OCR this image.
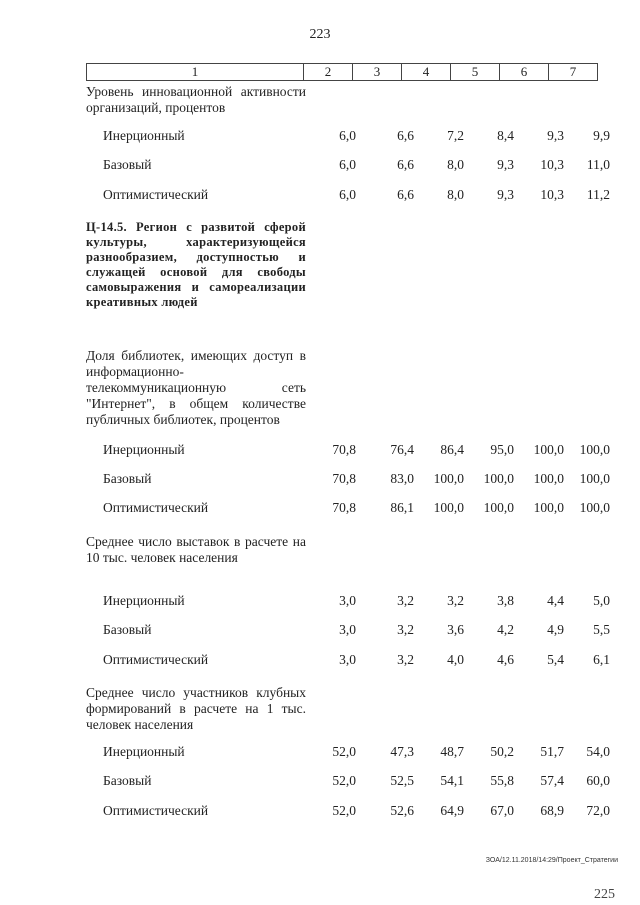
223
1	2	3	4	5	6	7
Уровень инновационной активности организаций, процентов
Инерционный	6,0	6,6	7,2	8,4	9,3	9,9
Базовый	6,0	6,6	8,0	9,3	10,3	11,0
Оптимистический	6,0	6,6	8,0	9,3	10,3	11,2
Ц-14.5. Регион с развитой сферой культуры, характеризующейся разнообразием, доступностью и служащей основой для свободы самовыражения и самореализации креативных людей
Доля библиотек, имеющих доступ в информационно-телекоммуникационную сеть "Интернет", в общем количестве публичных библиотек, процентов
Инерционный	70,8	76,4	86,4	95,0	100,0	100,0
Базовый	70,8	83,0	100,0	100,0	100,0	100,0
Оптимистический	70,8	86,1	100,0	100,0	100,0	100,0
Среднее число выставок в расчете на 10 тыс. человек населения
Инерционный	3,0	3,2	3,2	3,8	4,4	5,0
Базовый	3,0	3,2	3,6	4,2	4,9	5,5
Оптимистический	3,0	3,2	4,0	4,6	5,4	6,1
Среднее число участников клубных формирований в расчете на 1 тыс. человек населения
Инерционный	52,0	47,3	48,7	50,2	51,7	54,0
Базовый	52,0	52,5	54,1	55,8	57,4	60,0
Оптимистический	52,0	52,6	64,9	67,0	68,9	72,0
ЗОА/12.11.2018/14:29/Проект_Стратегии
225
